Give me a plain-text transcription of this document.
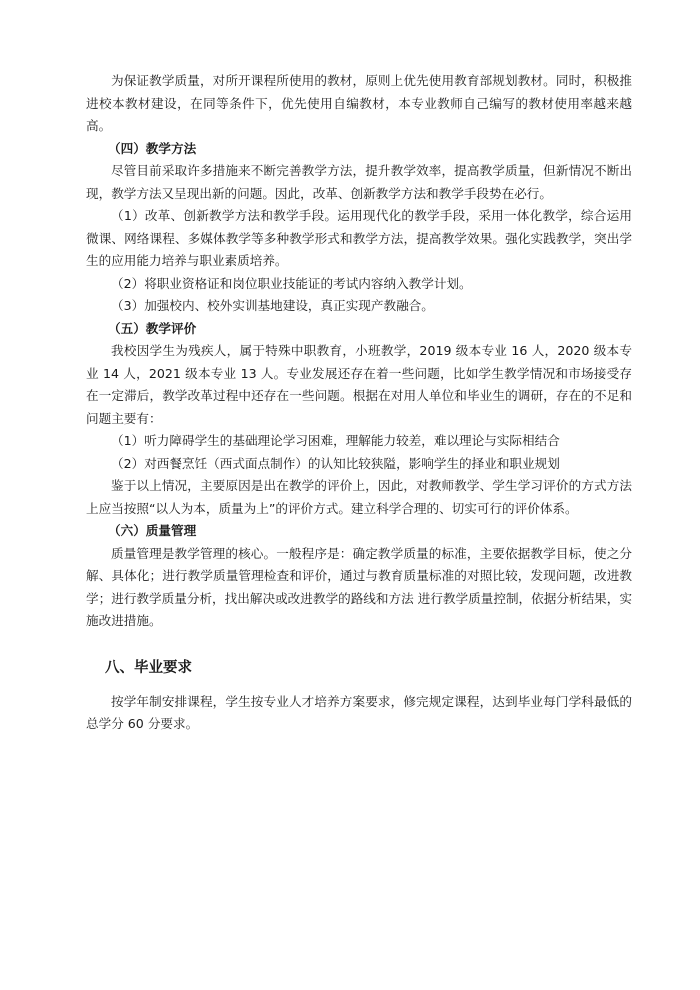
为保证教学质量，对所开课程所使用的教材，原则上优先使用教育部规划教材。同时，积极推进校本教材建设，在同等条件下，优先使用自编教材，本专业教师自己编写的教材使用率越来越高。

（四）教学方法

尽管目前采取许多措施来不断完善教学方法，提升教学效率，提高教学质量，但新情况不断出现，教学方法又呈现出新的问题。因此，改革、创新教学方法和教学手段势在必行。

（1）改革、创新教学方法和教学手段。运用现代化的教学手段，采用一体化教学，综合运用微课、网络课程、多媒体教学等多种教学形式和教学方法，提高教学效果。强化实践教学，突出学生的应用能力培养与职业素质培养。

（2）将职业资格证和岗位职业技能证的考试内容纳入教学计划。

（3）加强校内、校外实训基地建设，真正实现产教融合。

（五）教学评价

我校因学生为残疾人，属于特殊中职教育，小班教学，2019 级本专业 16 人，2020 级本专业 14 人，2021 级本专业 13 人。专业发展还存在着一些问题，比如学生教学情况和市场接受存在一定滞后，教学改革过程中还存在一些问题。根据在对用人单位和毕业生的调研，存在的不足和问题主要有：

（1）听力障碍学生的基础理论学习困难，理解能力较差，难以理论与实际相结合

（2）对西餐烹饪（西式面点制作）的认知比较狭隘，影响学生的择业和职业规划

鉴于以上情况，主要原因是出在教学的评价上，因此，对教师教学、学生学习评价的方式方法上应当按照“以人为本，质量为上”的评价方式。建立科学合理的、切实可行的评价体系。

（六）质量管理

质量管理是教学管理的核心。一般程序是：确定教学质量的标准，主要依据教学目标，使之分解、具体化；进行教学质量管理检查和评价，通过与教育质量标准的对照比较，发现问题，改进教学；进行教学质量分析，找出解决或改进教学的路线和方法 进行教学质量控制，依据分析结果，实施改进措施。

八、毕业要求

按学年制安排课程，学生按专业人才培养方案要求，修完规定课程，达到毕业每门学科最低的总学分 60 分要求。
